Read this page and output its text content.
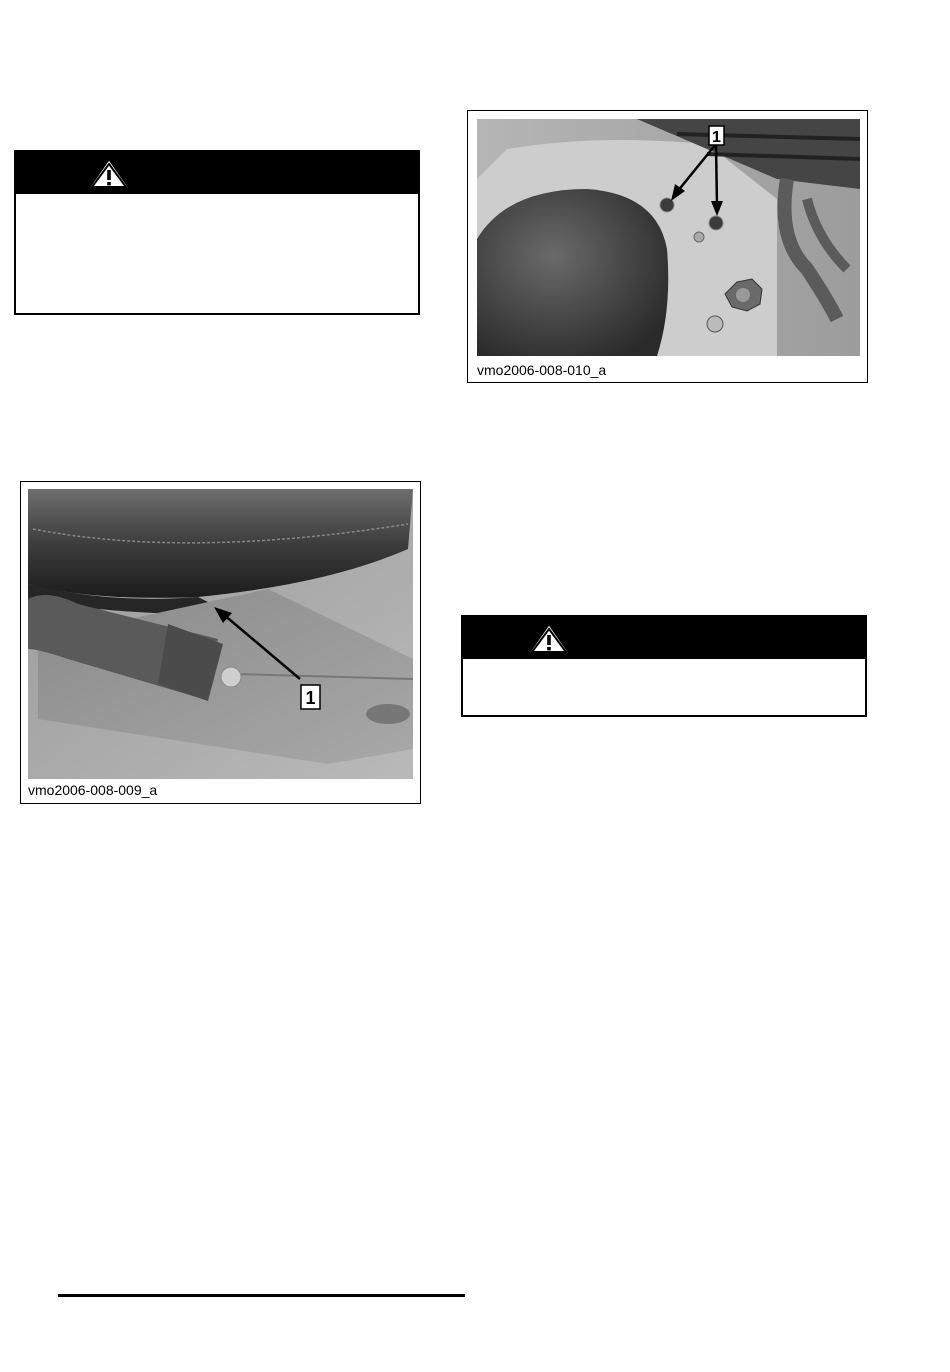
1
vmo2006-008-009_a
1
vmo2006-008-010_a
